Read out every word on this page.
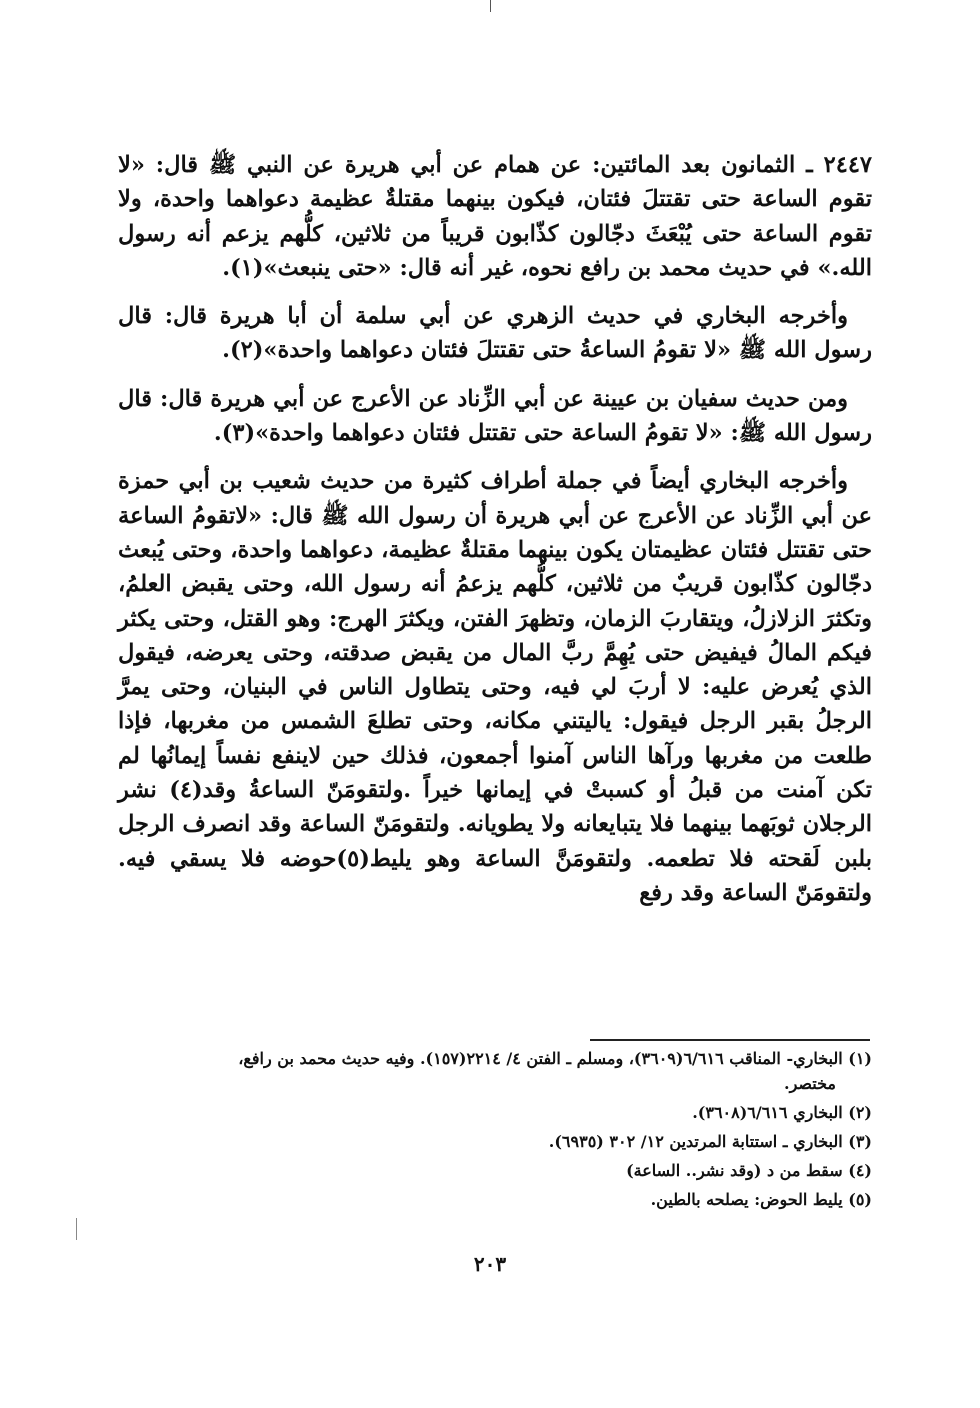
٢٤٤٧ ـ الثمانون بعد المائتين: عن همام عن أبي هريرة عن النبي ﷺ قال: «لا تقوم الساعة حتى تقتتلَ فئتان، فيكون بينهما مقتلةٌ عظيمة دعواهما واحدة، ولا تقوم الساعة حتى يُبْعَثَ دجّالون كذّابون قريباً من ثلاثين، كلُّهم يزعم أنه رسول الله.» في حديث محمد بن رافع نحوه، غير أنه قال: «حتى ينبعث»(١).

وأخرجه البخاري في حديث الزهري عن أبي سلمة أن أبا هريرة قال: قال رسول الله ﷺ «لا تقومُ الساعةُ حتى تقتتلَ فئتان دعواهما واحدة»(٢).

ومن حديث سفيان بن عيينة عن أبي الزِّناد عن الأعرج عن أبي هريرة قال: قال رسول الله ﷺ: «لا تقومُ الساعة حتى تقتتل فئتان دعواهما واحدة»(٣).

وأخرجه البخاري أيضاً في جملة أطراف كثيرة من حديث شعيب بن أبي حمزة عن أبي الزِّناد عن الأعرج عن أبي هريرة أن رسول الله ﷺ قال: «لاتقومُ الساعة حتى تقتتل فئتان عظيمتان يكون بينهما مقتلةٌ عظيمة، دعواهما واحدة، وحتى يُبعث دجّالون كذّابون قريبٌ من ثلاثين، كلُّهم يزعمُ أنه رسول الله، وحتى يقبض العلمُ، وتكثرَ الزلازلُ، ويتقاربَ الزمان، وتظهرَ الفتن، ويكثرَ الهرج: وهو القتل، وحتى يكثر فيكم المالُ فيفيض حتى يُهِمَّ ربَّ المال من يقبض صدقته، وحتى يعرضه، فيقول الذي يُعرض عليه: لا أربَ لي فيه، وحتى يتطاول الناس في البنيان، وحتى يمرَّ الرجلُ بقبر الرجل فيقول: ياليتني مكانه، وحتى تطلعَ الشمس من مغربها، فإذا طلعت من مغربها ورآها الناس آمنوا أجمعون، فذلك حين لاينفع نفساً إيمانُها لم تكن آمنت من قبلُ أو كسبتْ في إيمانها خيراً .ولتقومَنّ الساعةُ وقد(٤) نشر الرجلان ثوبَهما بينهما فلا يتبايعانه ولا يطويانه. ولتقومَنّ الساعة وقد انصرف الرجل بلبن لَقحته فلا تطعمه. ولتقومَنَّ الساعة وهو يليط(٥)حوضه فلا يسقي فيه. ولتقومَنّ الساعة وقد رفع

(١) البخاري- المناقب ٦/٦١٦(٣٦٠٩)، ومسلم ـ الفتن ٤/ ٢٢١٤(١٥٧). وفيه حديث محمد بن رافع،
مختصر.
(٢) البخاري ٦/٦١٦(٣٦٠٨).
(٣) البخاري ـ استتابة المرتدين ١٢/ ٣٠٢ (٦٩٣٥).
(٤) سقط من د (وقد نشر.. الساعة)
(٥) يليط الحوض: يصلحه بالطين.
٢٠٣
